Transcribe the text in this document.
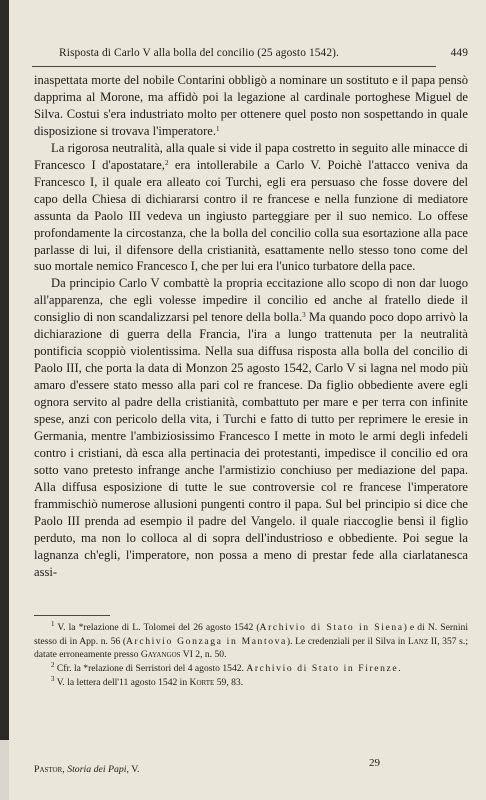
Risposta di Carlo V alla bolla del concilio (25 agosto 1542).	449

inaspettata morte del nobile Contarini obbligò a nominare un sostituto e il papa pensò dapprima al Morone, ma affidò poi la legazione al cardinale portoghese Miguel de Silva. Costui s'era industriato molto per ottenere quel posto non sospettando in quale disposizione si trovava l'imperatore.$^1$

La rigorosa neutralità, alla quale si vide il papa costretto in seguito alle minacce di Francesco I d'apostatare,$^2$ era intollerabile a Carlo V. Poichè l'attacco veniva da Francesco I, il quale era alleato coi Turchi, egli era persuaso che fosse dovere del capo della Chiesa di dichiararsi contro il re francese e nella funzione di mediatore assunta da Paolo III vedeva un ingiusto parteggiare per il suo nemico. Lo offese profondamente la circostanza, che la bolla del concilio colla sua esortazione alla pace parlasse di lui, il difensore della cristianità, esattamente nello stesso tono come del suo mortale nemico Francesco I, che per lui era l'unico turbatore della pace.

Da principio Carlo V combattè la propria eccitazione allo scopo di non dar luogo all'apparenza, che egli volesse impedire il concilio ed anche al fratello diede il consiglio di non scandalizzarsi pel tenore della bolla.$^3$ Ma quando poco dopo arrivò la dichiarazione di guerra della Francia, l'ira a lungo trattenuta per la neutralità pontificia scoppiò violentissima. Nella sua diffusa risposta alla bolla del concilio di Paolo III, che porta la data di Monzon 25 agosto 1542, Carlo V si lagna nel modo più amaro d'essere stato messo alla pari col re francese. Da figlio obbediente avere egli ognora servito al padre della cristianità, combattuto per mare e per terra con infinite spese, anzi con pericolo della vita, i Turchi e fatto di tutto per reprimere le eresie in Germania, mentre l'ambiziosissimo Francesco I mette in moto le armi degli infedeli contro i cristiani, dà esca alla pertinacia dei protestanti, impedisce il concilio ed ora sotto vano pretesto infrange anche l'armistizio conchiuso per mediazione del papa. Alla diffusa esposizione di tutte le sue controversie col re francese l'imperatore frammischiò numerose allusioni pungenti contro il papa. Sul bel principio si dice che Paolo III prenda ad esempio il padre del Vangelo. il quale riaccoglie bensì il figlio perduto, ma non lo colloca al di sopra dell'industrioso e obbediente. Poi segue la lagnanza ch'egli, l'imperatore, non possa a meno di prestar fede alla ciarlatanesca assi-

$^1$ V. la *relazione di L. Tolomei del 26 agosto 1542 (Archivio di Stato in Siena) e di N. Sernini stesso di in App. n. 56 (Archivio Gonzaga in Mantova). Le credenziali per il Silva in Lanz II, 357 s.; datate erroneamente presso Gayangos VI 2, n. 50.

$^2$ Cfr. la *relazione di Serristori del 4 agosto 1542. Archivio di Stato in Firenze.

$^3$ V. la lettera dell'11 agosto 1542 in Korte 59, 83.

Pastor, Storia dei Papi, V.
29
